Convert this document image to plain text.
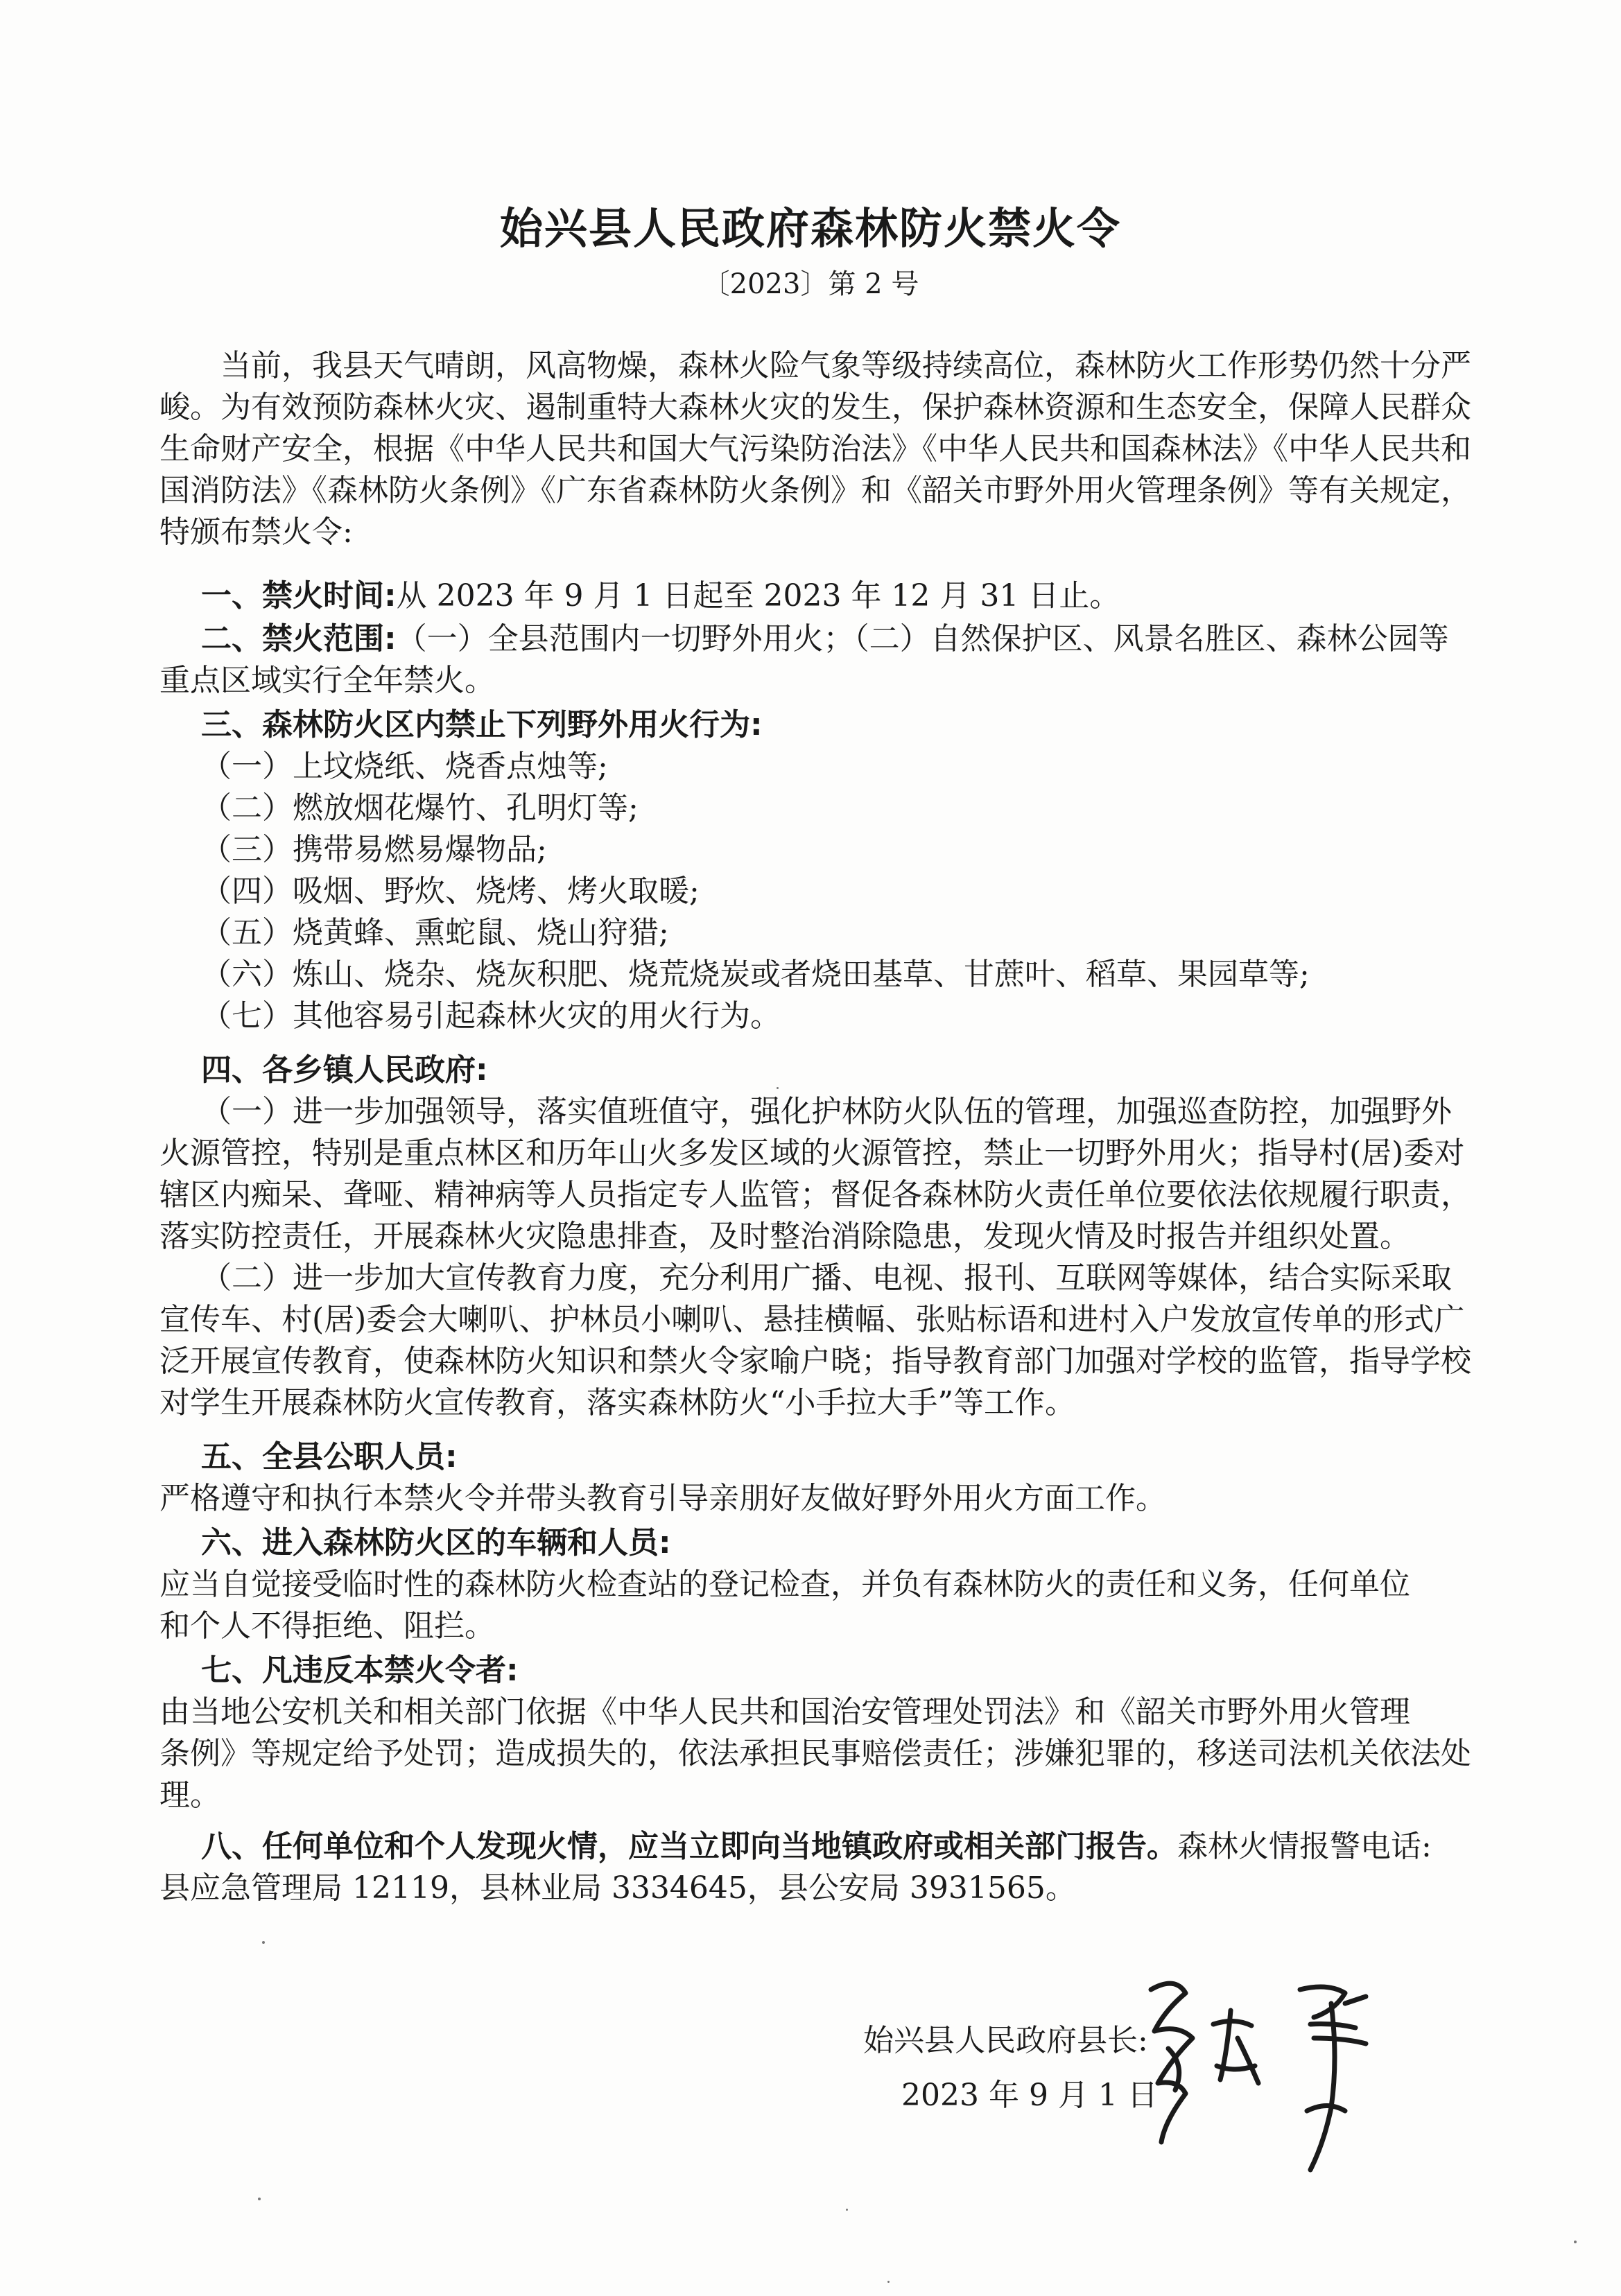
始兴县人民政府森林防火禁火令
〔2023〕第 2 号

当前，我县天气晴朗，风高物燥，森林火险气象等级持续高位，森林防火工作形势仍然十分严

峻。为有效预防森林火灾、遏制重特大森林火灾的发生，保护森林资源和生态安全，保障人民群众

生命财产安全，根据《中华人民共和国大气污染防治法》《中华人民共和国森林法》《中华人民共和

国消防法》《森林防火条例》《广东省森林防火条例》和《韶关市野外用火管理条例》等有关规定，

特颁布禁火令:

一、禁火时间:从 2023 年 9 月 1 日起至 2023 年 12 月 31 日止。

二、禁火范围:（一）全县范围内一切野外用火；（二）自然保护区、风景名胜区、森林公园等

重点区域实行全年禁火。

三、森林防火区内禁止下列野外用火行为:

（一）上坟烧纸、烧香点烛等;

（二）燃放烟花爆竹、孔明灯等;

（三）携带易燃易爆物品;

（四）吸烟、野炊、烧烤、烤火取暖;

（五）烧黄蜂、熏蛇鼠、烧山狩猎;

（六）炼山、烧杂、烧灰积肥、烧荒烧炭或者烧田基草、甘蔗叶、稻草、果园草等;

（七）其他容易引起森林火灾的用火行为。

四、各乡镇人民政府:

（一）进一步加强领导，落实值班值守，强化护林防火队伍的管理，加强巡查防控，加强野外

火源管控，特别是重点林区和历年山火多发区域的火源管控，禁止一切野外用火；指导村(居)委对

辖区内痴呆、聋哑、精神病等人员指定专人监管；督促各森林防火责任单位要依法依规履行职责，

落实防控责任，开展森林火灾隐患排查，及时整治消除隐患，发现火情及时报告并组织处置。

（二）进一步加大宣传教育力度，充分利用广播、电视、报刊、互联网等媒体，结合实际采取

宣传车、村(居)委会大喇叭、护林员小喇叭、悬挂横幅、张贴标语和进村入户发放宣传单的形式广

泛开展宣传教育，使森林防火知识和禁火令家喻户晓；指导教育部门加强对学校的监管，指导学校

对学生开展森林防火宣传教育，落实森林防火“小手拉大手”等工作。

五、全县公职人员:

严格遵守和执行本禁火令并带头教育引导亲朋好友做好野外用火方面工作。

六、进入森林防火区的车辆和人员:

应当自觉接受临时性的森林防火检查站的登记检查，并负有森林防火的责任和义务，任何单位

和个人不得拒绝、阻拦。

七、凡违反本禁火令者:

由当地公安机关和相关部门依据《中华人民共和国治安管理处罚法》和《韶关市野外用火管理

条例》等规定给予处罚；造成损失的，依法承担民事赔偿责任；涉嫌犯罪的，移送司法机关依法处

理。

八、任何单位和个人发现火情，应当立即向当地镇政府或相关部门报告。森林火情报警电话:

县应急管理局 12119，县林业局 3334645，县公安局 3931565。

始兴县人民政府县长:
2023 年 9 月 1 日
